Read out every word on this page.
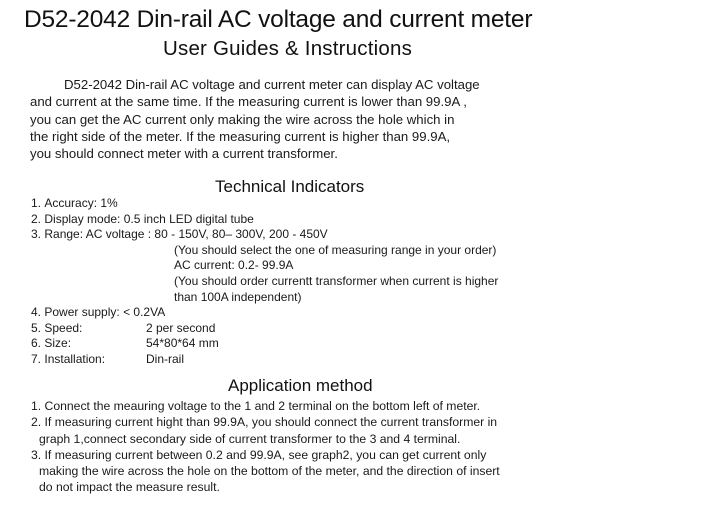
D52-2042 Din-rail AC voltage and current meter
User Guides & Instructions
D52-2042 Din-rail AC voltage and current meter can display AC voltage
and current at the same time. If the measuring current is lower than 99.9A ,
you can get the AC current only making the wire across the hole which in
the right side of the meter. If the measuring current is higher than 99.9A,
you should connect meter with a current transformer.
Technical Indicators
1. Accuracy: 1%
2. Display mode: 0.5 inch LED digital tube
3. Range: AC voltage : 80 - 150V, 80– 300V, 200 - 450V
(You should select the one of measuring range in your order)
AC current: 0.2- 99.9A
(You should order currentt transformer when current is higher
than 100A independent)
4. Power supply: < 0.2VA
5. Speed:	2 per second
6. Size:	54*80*64 mm
7. Installation:	Din-rail
Application method
1. Connect the meauring voltage to the 1 and 2 terminal on the bottom left of meter.
2. If measuring current hight than 99.9A, you should connect the current transformer in
graph 1,connect secondary side of current transformer to the 3 and 4 terminal.
3. If measuring current between 0.2 and 99.9A, see graph2, you can get current only
making the wire across the hole on the bottom of the meter, and the direction of insert
do not impact the measure result.
